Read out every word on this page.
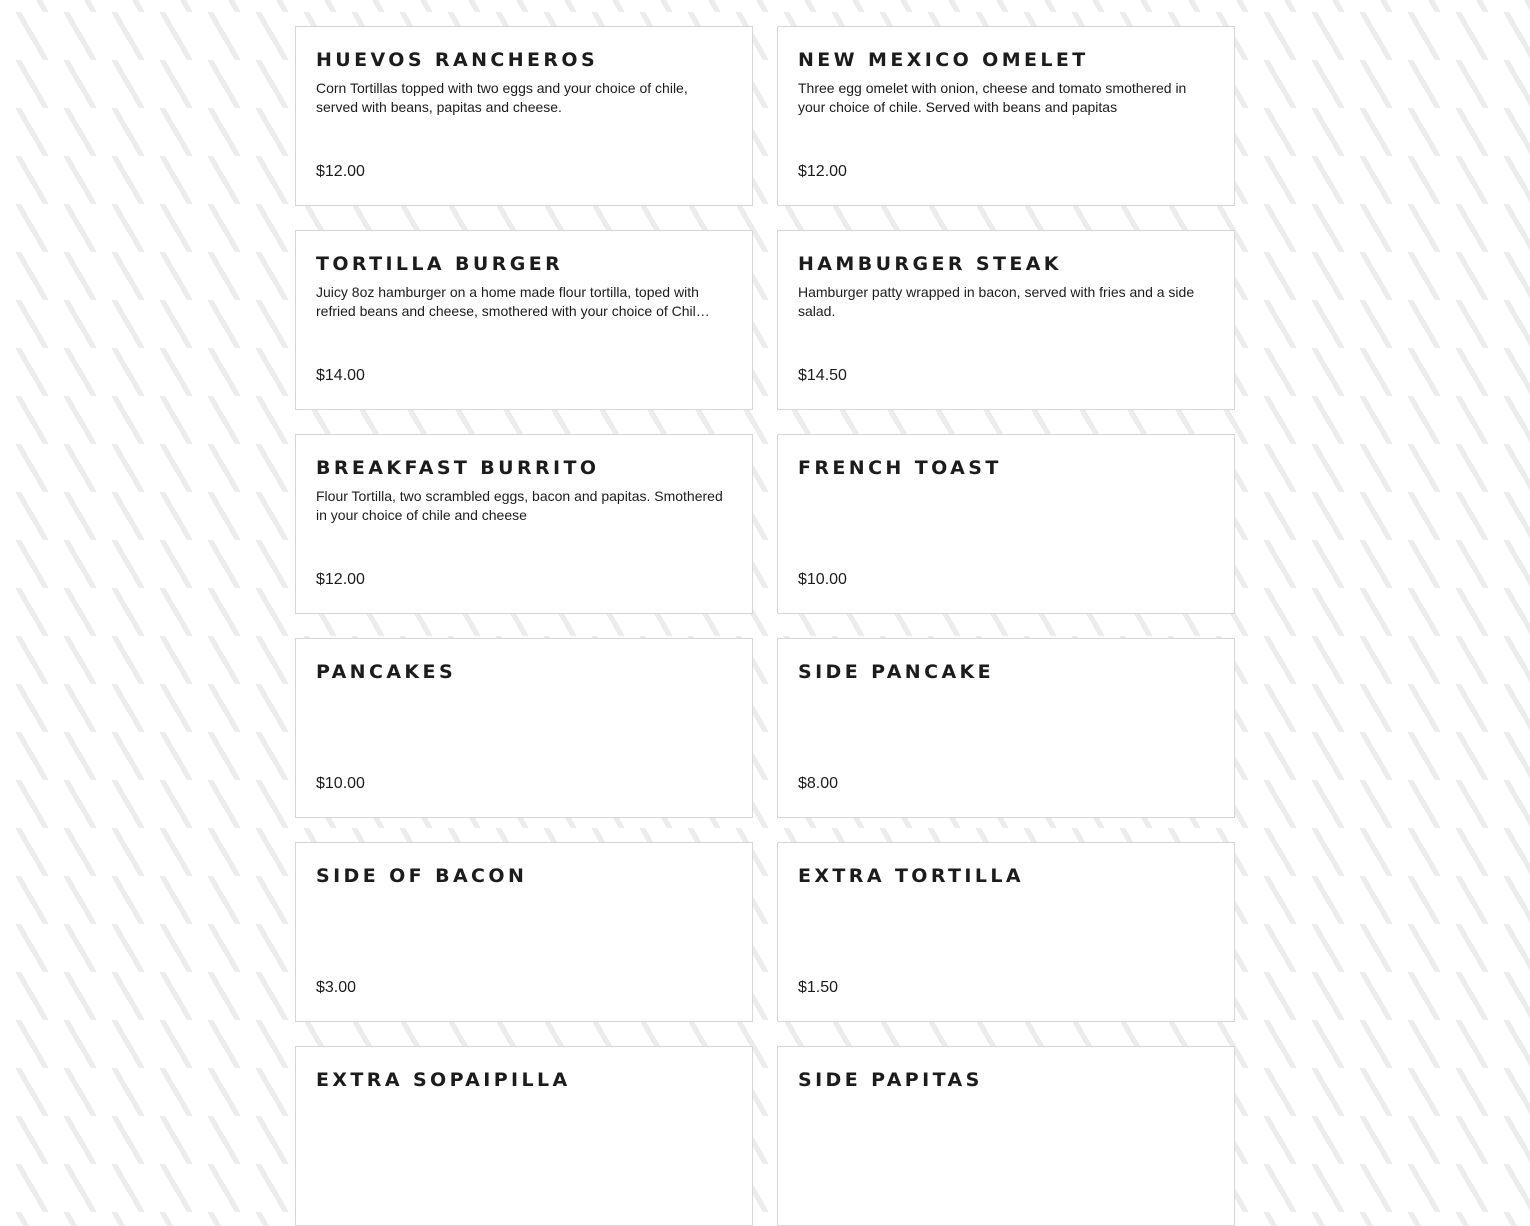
HUEVOS RANCHEROS

Corn Tortillas topped with two eggs and your choice of chile, served with beans, papitas and cheese.

$12.00
NEW MEXICO OMELET

Three egg omelet with onion, cheese and tomato smothered in your choice of chile. Served with beans and papitas

$12.00
TORTILLA BURGER

Juicy 8oz hamburger on a home made flour tortilla, toped with refried beans and cheese, smothered with your choice of Chil…

$14.00
HAMBURGER STEAK

Hamburger patty wrapped in bacon, served with fries and a side salad.

$14.50
BREAKFAST BURRITO

Flour Tortilla, two scrambled eggs, bacon and papitas. Smothered in your choice of chile and cheese

$12.00
FRENCH TOAST

$10.00
PANCAKES

$10.00
SIDE PANCAKE

$8.00
SIDE OF BACON

$3.00
EXTRA TORTILLA

$1.50
EXTRA SOPAIPILLA	SIDE PAPITAS
